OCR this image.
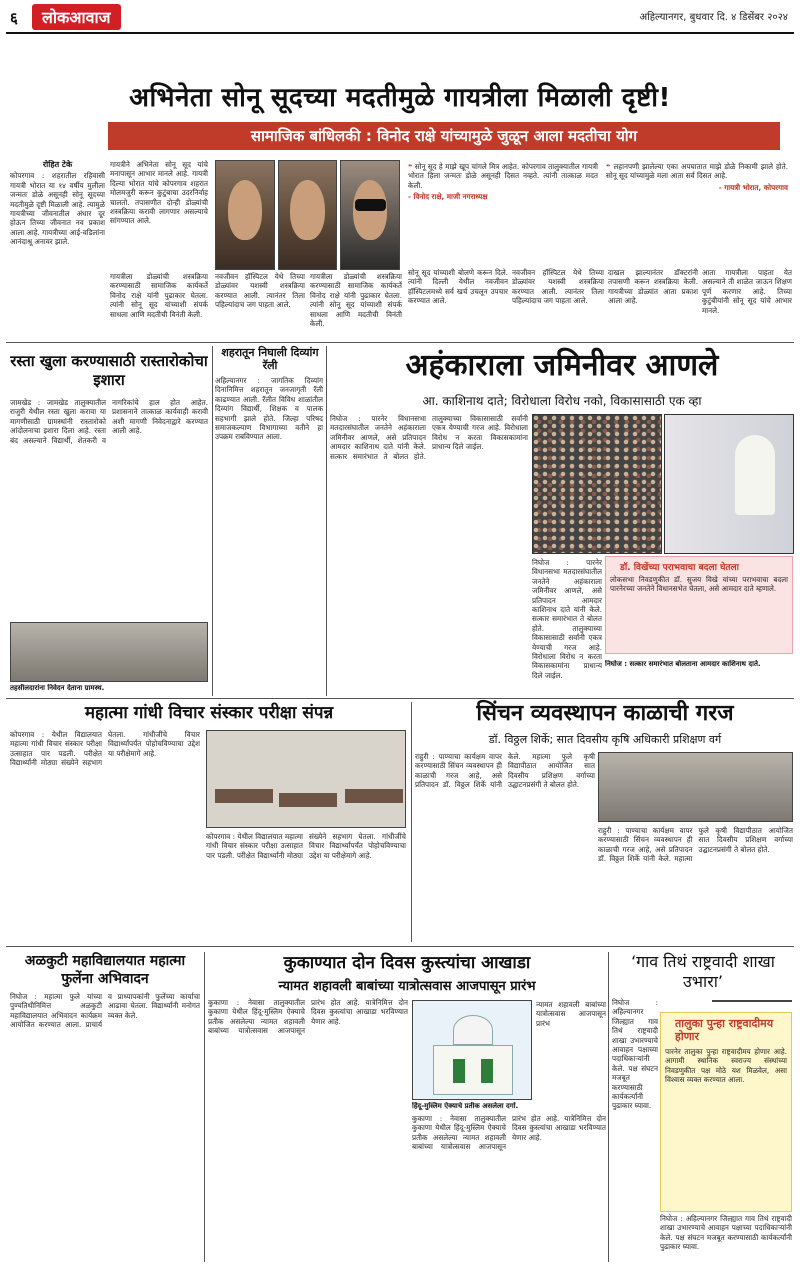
६	लोकआवाज	अहिल्यानगर, बुधवार दि. ४ डिसेंबर २०२४
अभिनेता सोनू सूदच्या मदतीमुळे गायत्रीला मिळाली दृष्टी!
सामाजिक बांधिलकी : विनोद राक्षे यांच्यामुळे जुळून आला मदतीचा योग

रोहित टेके

कोपरगाव : शहरातील रहिवासी गायत्री भोरात या १४ वर्षीय मुलीला जन्मतः डोळे असूनही सोनू सूदच्या मदतीमुळे दृष्टी मिळाली आहे. त्यामुळे गायत्रीच्या जीवनातील अंधार दूर होऊन तिच्या जीवनात नव प्रकाश आला आहे. गायत्रीच्या आई-वडिलांना आनंदाश्रू अनावर झाले.

गायत्रीने अभिनेता सोनू सूद यांचे मनापासून आभार मानले आहे. गायत्री दिल्या भोरात यांचे कोपरगाव शहरात मोलमजुरी करून कुटुंबाचा उदरनिर्वाह चालतो. तपासणीत दोन्ही डोळ्यांची शस्त्रक्रिया करावी लागणार असल्याचे सांगण्यात आले.
गायत्रीला डोळ्यांची शस्त्रक्रिया करण्यासाठी सामाजिक कार्यकर्ते विनोद राक्षे यांनी पुढाकार घेतला. त्यांनी सोनू सूद यांच्याशी संपर्क साधला आणि मदतीची विनंती केली.
नवजीवन हॉस्पिटल येथे तिच्या डोळ्यांवर यशस्वी शस्त्रक्रिया करण्यात आली. त्यानंतर तिला पहिल्यांदाच जग पाहता आले.
गायत्रीला डोळ्यांची शस्त्रक्रिया करण्यासाठी सामाजिक कार्यकर्ते विनोद राक्षे यांनी पुढाकार घेतला. त्यांनी सोनू सूद यांच्याशी संपर्क साधला आणि मदतीची विनंती केली.

❝ सोनू सूद हे माझे खूप चांगले मित्र आहेत. कोपरगाव तालुक्यातील गायत्री भोरात हिला जन्मतः डोळे असूनही दिसत नव्हते. त्यांनी तात्काळ मदत केली.

- विनोद राक्षे, माजी नगराध्यक्ष

❝ लहानपणी झालेल्या एका अपघातात माझे डोळे निकामी झाले होते. सोनू सूद यांच्यामुळे मला आता सर्व दिसत आहे.

- गायत्री भोरात, कोपरगाव

सोनू सूद यांच्याशी बोलणे करून दिले. त्यांनी दिल्ली येथील नवजीवन हॉस्पिटलमध्ये सर्व खर्च उचलून उपचार करण्यात आले.
नवजीवन हॉस्पिटल येथे तिच्या डोळ्यांवर यशस्वी शस्त्रक्रिया करण्यात आली. त्यानंतर तिला पहिल्यांदाच जग पाहता आले.
दाखल झाल्यानंतर डॉक्टरांनी तपासणी करून शस्त्रक्रिया केली. गायत्रीच्या डोळ्यांत आता प्रकाश आला आहे.
आता गायत्रीला पाहता येत असल्याने ती शाळेत जाऊन शिक्षण पूर्ण करणार आहे. तिच्या कुटुंबीयांनी सोनू सूद यांचे आभार मानले.
रस्ता खुला करण्यासाठी रास्तारोकोचा इशारा
जामखेड : जामखेड तालुक्यातील राजुरी येथील रस्ता खुला करावा या मागणीसाठी ग्रामस्थांनी रास्तारोको आंदोलनाचा इशारा दिला आहे. रस्ता बंद असल्याने विद्यार्थी, शेतकरी व नागरिकांचे हाल होत आहेत. प्रशासनाने तात्काळ कार्यवाही करावी अशी मागणी निवेदनाद्वारे करण्यात आली आहे.
तहसीलदारांना निवेदन देताना ग्रामस्थ.
शहरातून निघाली दिव्यांग रॅली
अहिल्यानगर : जागतिक दिव्यांग दिनानिमित्त शहरातून जनजागृती रॅली काढण्यात आली. रॅलीत विविध शाळांतील दिव्यांग विद्यार्थी, शिक्षक व पालक सहभागी झाले होते. जिल्हा परिषद समाजकल्याण विभागाच्या वतीने हा उपक्रम राबविण्यात आला.
अहंकाराला जमिनीवर आणले
आ. काशिनाथ दाते; विरोधाला विरोध नको, विकासासाठी एक व्हा
निघोज : पारनेर विधानसभा मतदारसंघातील जनतेने अहंकाराला जमिनीवर आणले, असे प्रतिपादन आमदार काशिनाथ दाते यांनी केले. सत्कार समारंभात ते बोलत होते. तालुक्याच्या विकासासाठी सर्वांनी एकत्र येण्याची गरज आहे. विरोधाला विरोध न करता विकासकामांना प्राधान्य दिले जाईल.
निघोज : पारनेर विधानसभा मतदारसंघातील जनतेने अहंकाराला जमिनीवर आणले, असे प्रतिपादन आमदार काशिनाथ दाते यांनी केले. सत्कार समारंभात ते बोलत होते. तालुक्याच्या विकासासाठी सर्वांनी एकत्र येण्याची गरज आहे. विरोधाला विरोध न करता विकासकामांना प्राधान्य दिले जाईल.
डॉ. विखेंच्या पराभवाचा बदला घेतला
लोकसभा निवडणुकीत डॉ. सुजय विखे यांच्या पराभवाचा बदला पारनेरच्या जनतेने विधानसभेत घेतला, असे आमदार दाते म्हणाले.
निघोज : सत्कार समारंभात बोलताना आमदार काशिनाथ दाते.
महात्मा गांधी विचार संस्कार परीक्षा संपन्न
कोपरगाव : येथील विद्यालयात महात्मा गांधी विचार संस्कार परीक्षा उत्साहात पार पडली. परीक्षेत विद्यार्थ्यांनी मोठ्या संख्येने सहभाग घेतला. गांधीजींचे विचार विद्यार्थ्यांपर्यंत पोहोचविण्याचा उद्देश या परीक्षेमागे आहे.
कोपरगाव : येथील विद्यालयात महात्मा गांधी विचार संस्कार परीक्षा उत्साहात पार पडली. परीक्षेत विद्यार्थ्यांनी मोठ्या संख्येने सहभाग घेतला. गांधीजींचे विचार विद्यार्थ्यांपर्यंत पोहोचविण्याचा उद्देश या परीक्षेमागे आहे.
सिंचन व्यवस्थापन काळाची गरज
डॉ. विठ्ठल शिर्के; सात दिवसीय कृषि अधिकारी प्रशिक्षण वर्ग
राहुरी : पाण्याचा कार्यक्षम वापर करण्यासाठी सिंचन व्यवस्थापन ही काळाची गरज आहे, असे प्रतिपादन डॉ. विठ्ठल शिर्के यांनी केले. महात्मा फुले कृषी विद्यापीठात आयोजित सात दिवसीय प्रशिक्षण वर्गाच्या उद्घाटनप्रसंगी ते बोलत होते.
राहुरी : पाण्याचा कार्यक्षम वापर करण्यासाठी सिंचन व्यवस्थापन ही काळाची गरज आहे, असे प्रतिपादन डॉ. विठ्ठल शिर्के यांनी केले. महात्मा फुले कृषी विद्यापीठात आयोजित सात दिवसीय प्रशिक्षण वर्गाच्या उद्घाटनप्रसंगी ते बोलत होते.
अळकुटी महाविद्यालयात महात्मा फुलेंना अभिवादन
निघोज : महात्मा फुले यांच्या पुण्यतिथीनिमित्त अळकुटी महाविद्यालयात अभिवादन कार्यक्रम आयोजित करण्यात आला. प्राचार्य व प्राध्यापकांनी फुलेंच्या कार्याचा आढावा घेतला. विद्यार्थ्यांनी मनोगत व्यक्त केले.
कुकाण्यात दोन दिवस कुस्त्यांचा आखाडा
न्यामत शहावली बाबांच्या यात्रोत्सवास आजपासून प्रारंभ
कुकाणा : नेवासा तालुक्यातील कुकाणा येथील हिंदू-मुस्लिम ऐक्याचे प्रतीक असलेल्या न्यामत शहावली बाबांच्या यात्रोत्सवास आजपासून प्रारंभ होत आहे. यात्रेनिमित्त दोन दिवस कुस्त्यांचा आखाडा भरविण्यात येणार आहे.
हिंदू-मुस्लिम ऐक्याचे प्रतीक असलेला दर्गा.
कुकाणा : नेवासा तालुक्यातील कुकाणा येथील हिंदू-मुस्लिम ऐक्याचे प्रतीक असलेल्या न्यामत शहावली बाबांच्या यात्रोत्सवास आजपासून प्रारंभ होत आहे. यात्रेनिमित्त दोन दिवस कुस्त्यांचा आखाडा भरविण्यात येणार आहे.
न्यामत शहावली बाबांच्या यात्रोत्सवास आजपासून प्रारंभ
‘गाव तिथं राष्ट्रवादी शाखा उभारा’
निघोज : अहिल्यानगर जिल्ह्यात गाव तिथं राष्ट्रवादी शाखा उभारण्याचे आवाहन पक्षाच्या पदाधिकाऱ्यांनी केले. पक्ष संघटन मजबूत करण्यासाठी कार्यकर्त्यांनी पुढाकार घ्यावा.
तालुका पुन्हा राष्ट्रवादीमय होणार
पारनेर तालुका पुन्हा राष्ट्रवादीमय होणार आहे. आगामी स्थानिक स्वराज्य संस्थांच्या निवडणुकीत पक्ष मोठे यश मिळवेल, असा विश्वास व्यक्त करण्यात आला.
निघोज : अहिल्यानगर जिल्ह्यात गाव तिथं राष्ट्रवादी शाखा उभारण्याचे आवाहन पक्षाच्या पदाधिकाऱ्यांनी केले. पक्ष संघटन मजबूत करण्यासाठी कार्यकर्त्यांनी पुढाकार घ्यावा.
